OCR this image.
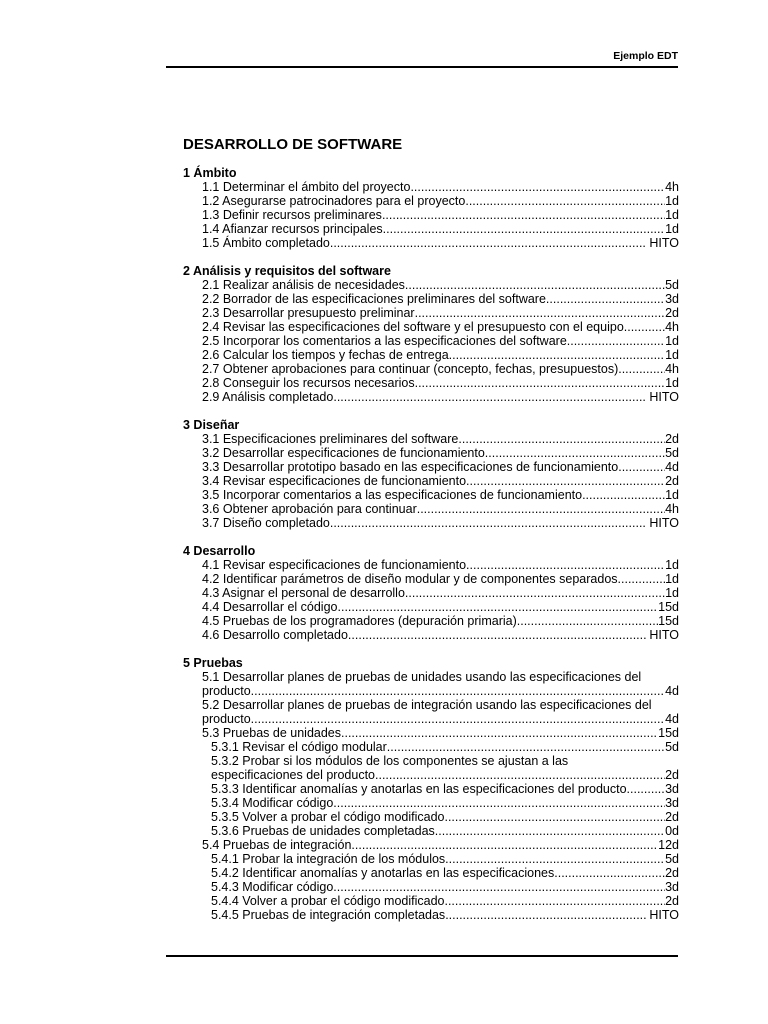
Ejemplo EDT
DESARROLLO DE SOFTWARE
1 Ámbito
1.1 Determinar el ámbito del proyecto .....	4h
1.2 Asegurarse patrocinadores para el proyecto .....	1d
1.3 Definir recursos preliminares .....	1d
1.4 Afianzar recursos principales .....	1d
1.5 Ámbito completado .....	HITO
2 Análisis y requisitos del software
2.1 Realizar análisis de necesidades .....	5d
2.2 Borrador de las especificaciones preliminares del software .....	3d
2.3 Desarrollar presupuesto preliminar .....	2d
2.4 Revisar las especificaciones del software y el presupuesto con el equipo .....	4h
2.5 Incorporar los comentarios a las especificaciones del software .....	1d
2.6 Calcular los tiempos y fechas de entrega .....	1d
2.7 Obtener aprobaciones para continuar (concepto, fechas, presupuestos) .....	4h
2.8 Conseguir los recursos necesarios .....	1d
2.9 Análisis completado .....	HITO
3 Diseñar
3.1 Especificaciones preliminares del software .....	2d
3.2 Desarrollar especificaciones de funcionamiento .....	5d
3.3 Desarrollar prototipo basado en las especificaciones de funcionamiento .....	4d
3.4 Revisar especificaciones de funcionamiento .....	2d
3.5 Incorporar comentarios a las especificaciones de funcionamiento .....	1d
3.6 Obtener aprobación para continuar .....	4h
3.7 Diseño completado .....	HITO
4 Desarrollo
4.1 Revisar especificaciones de funcionamiento .....	1d
4.2 Identificar parámetros de diseño modular y de componentes separados .....	1d
4.3 Asignar el personal de desarrollo .....	1d
4.4 Desarrollar el código .....	15d
4.5 Pruebas de los programadores (depuración primaria) .....	15d
4.6 Desarrollo completado .....	HITO
5 Pruebas
5.1 Desarrollar planes de pruebas de unidades usando las especificaciones del
producto .....	4d
5.2 Desarrollar planes de pruebas de integración usando las especificaciones del
producto .....	4d
5.3 Pruebas de unidades .....	15d
5.3.1 Revisar el código modular .....	5d
5.3.2 Probar si los módulos de los componentes se ajustan a las
especificaciones del producto .....	2d
5.3.3 Identificar anomalías y anotarlas en las especificaciones del producto .....	3d
5.3.4 Modificar código .....	3d
5.3.5 Volver a probar el código modificado .....	2d
5.3.6 Pruebas de unidades completadas .....	0d
5.4 Pruebas de integración .....	12d
5.4.1 Probar la integración de los módulos .....	5d
5.4.2 Identificar anomalías y anotarlas en las especificaciones .....	2d
5.4.3 Modificar código .....	3d
5.4.4 Volver a probar el código modificado .....	2d
5.4.5 Pruebas de integración completadas .....	HITO
